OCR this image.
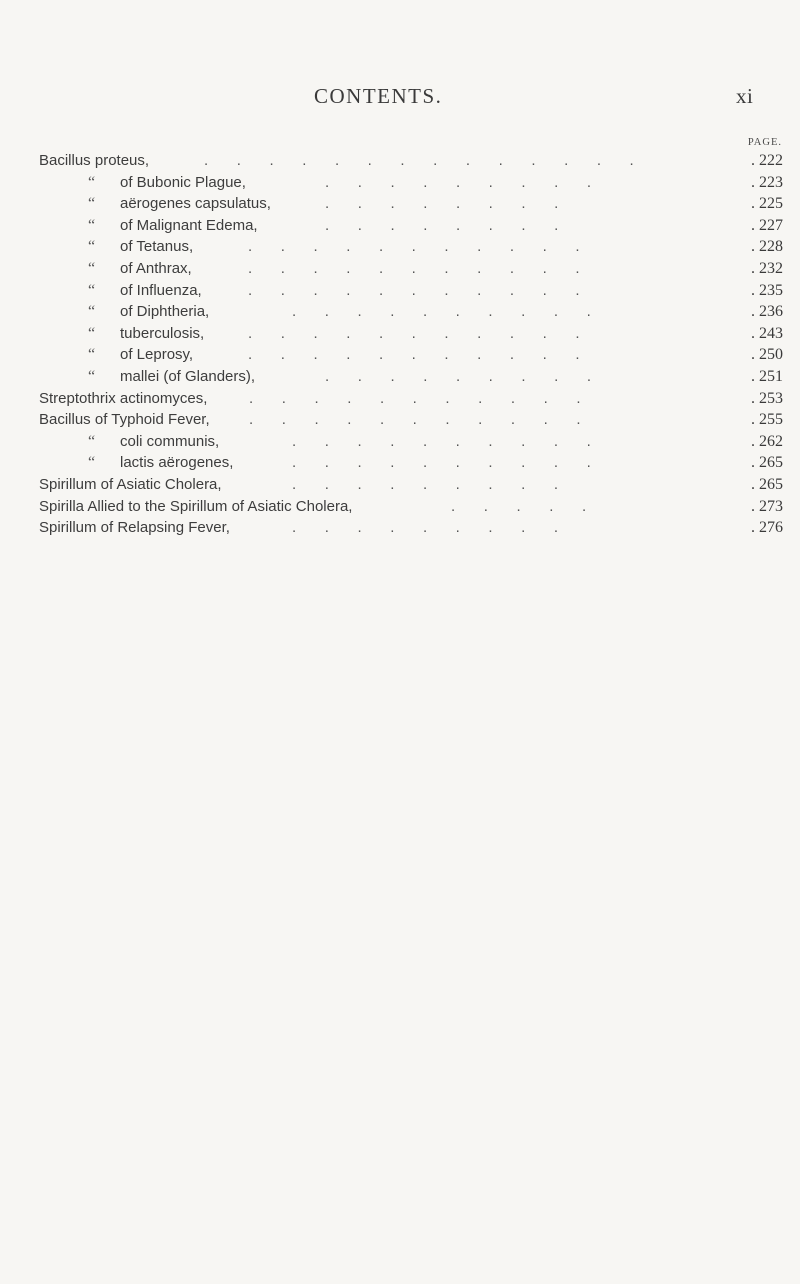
CONTENTS.	xi
PAGE.
Bacillus proteus,	. . . . . . . . . . . . . .	. 222
“ of Bubonic Plague,	. . . . . . . . .	. 223
“ aërogenes capsulatus,	. . . . . . . .	. 225
“ of Malignant Edema,	. . . . . . . .	. 227
“ of Tetanus,	. . . . . . . . . . .	. 228
“ of Anthrax,	. . . . . . . . . . .	. 232
“ of Influenza,	. . . . . . . . . . .	. 235
“ of Diphtheria,	. . . . . . . . . .	. 236
“ tuberculosis,	. . . . . . . . . . .	. 243
“ of Leprosy,	. . . . . . . . . . .	. 250
“ mallei (of Glanders),	. . . . . . . . .	. 251
Streptothrix actinomyces,	. . . . . . . . . . .	. 253
Bacillus of Typhoid Fever,	. . . . . . . . . . .	. 255
“ coli communis,	. . . . . . . . . .	. 262
“ lactis aërogenes,	. . . . . . . . . .	. 265
Spirillum of Asiatic Cholera,	. . . . . . . . .	. 265
Spirilla Allied to the Spirillum of Asiatic Cholera,	. . . . .	. 273
Spirillum of Relapsing Fever,	. . . . . . . . .	. 276
